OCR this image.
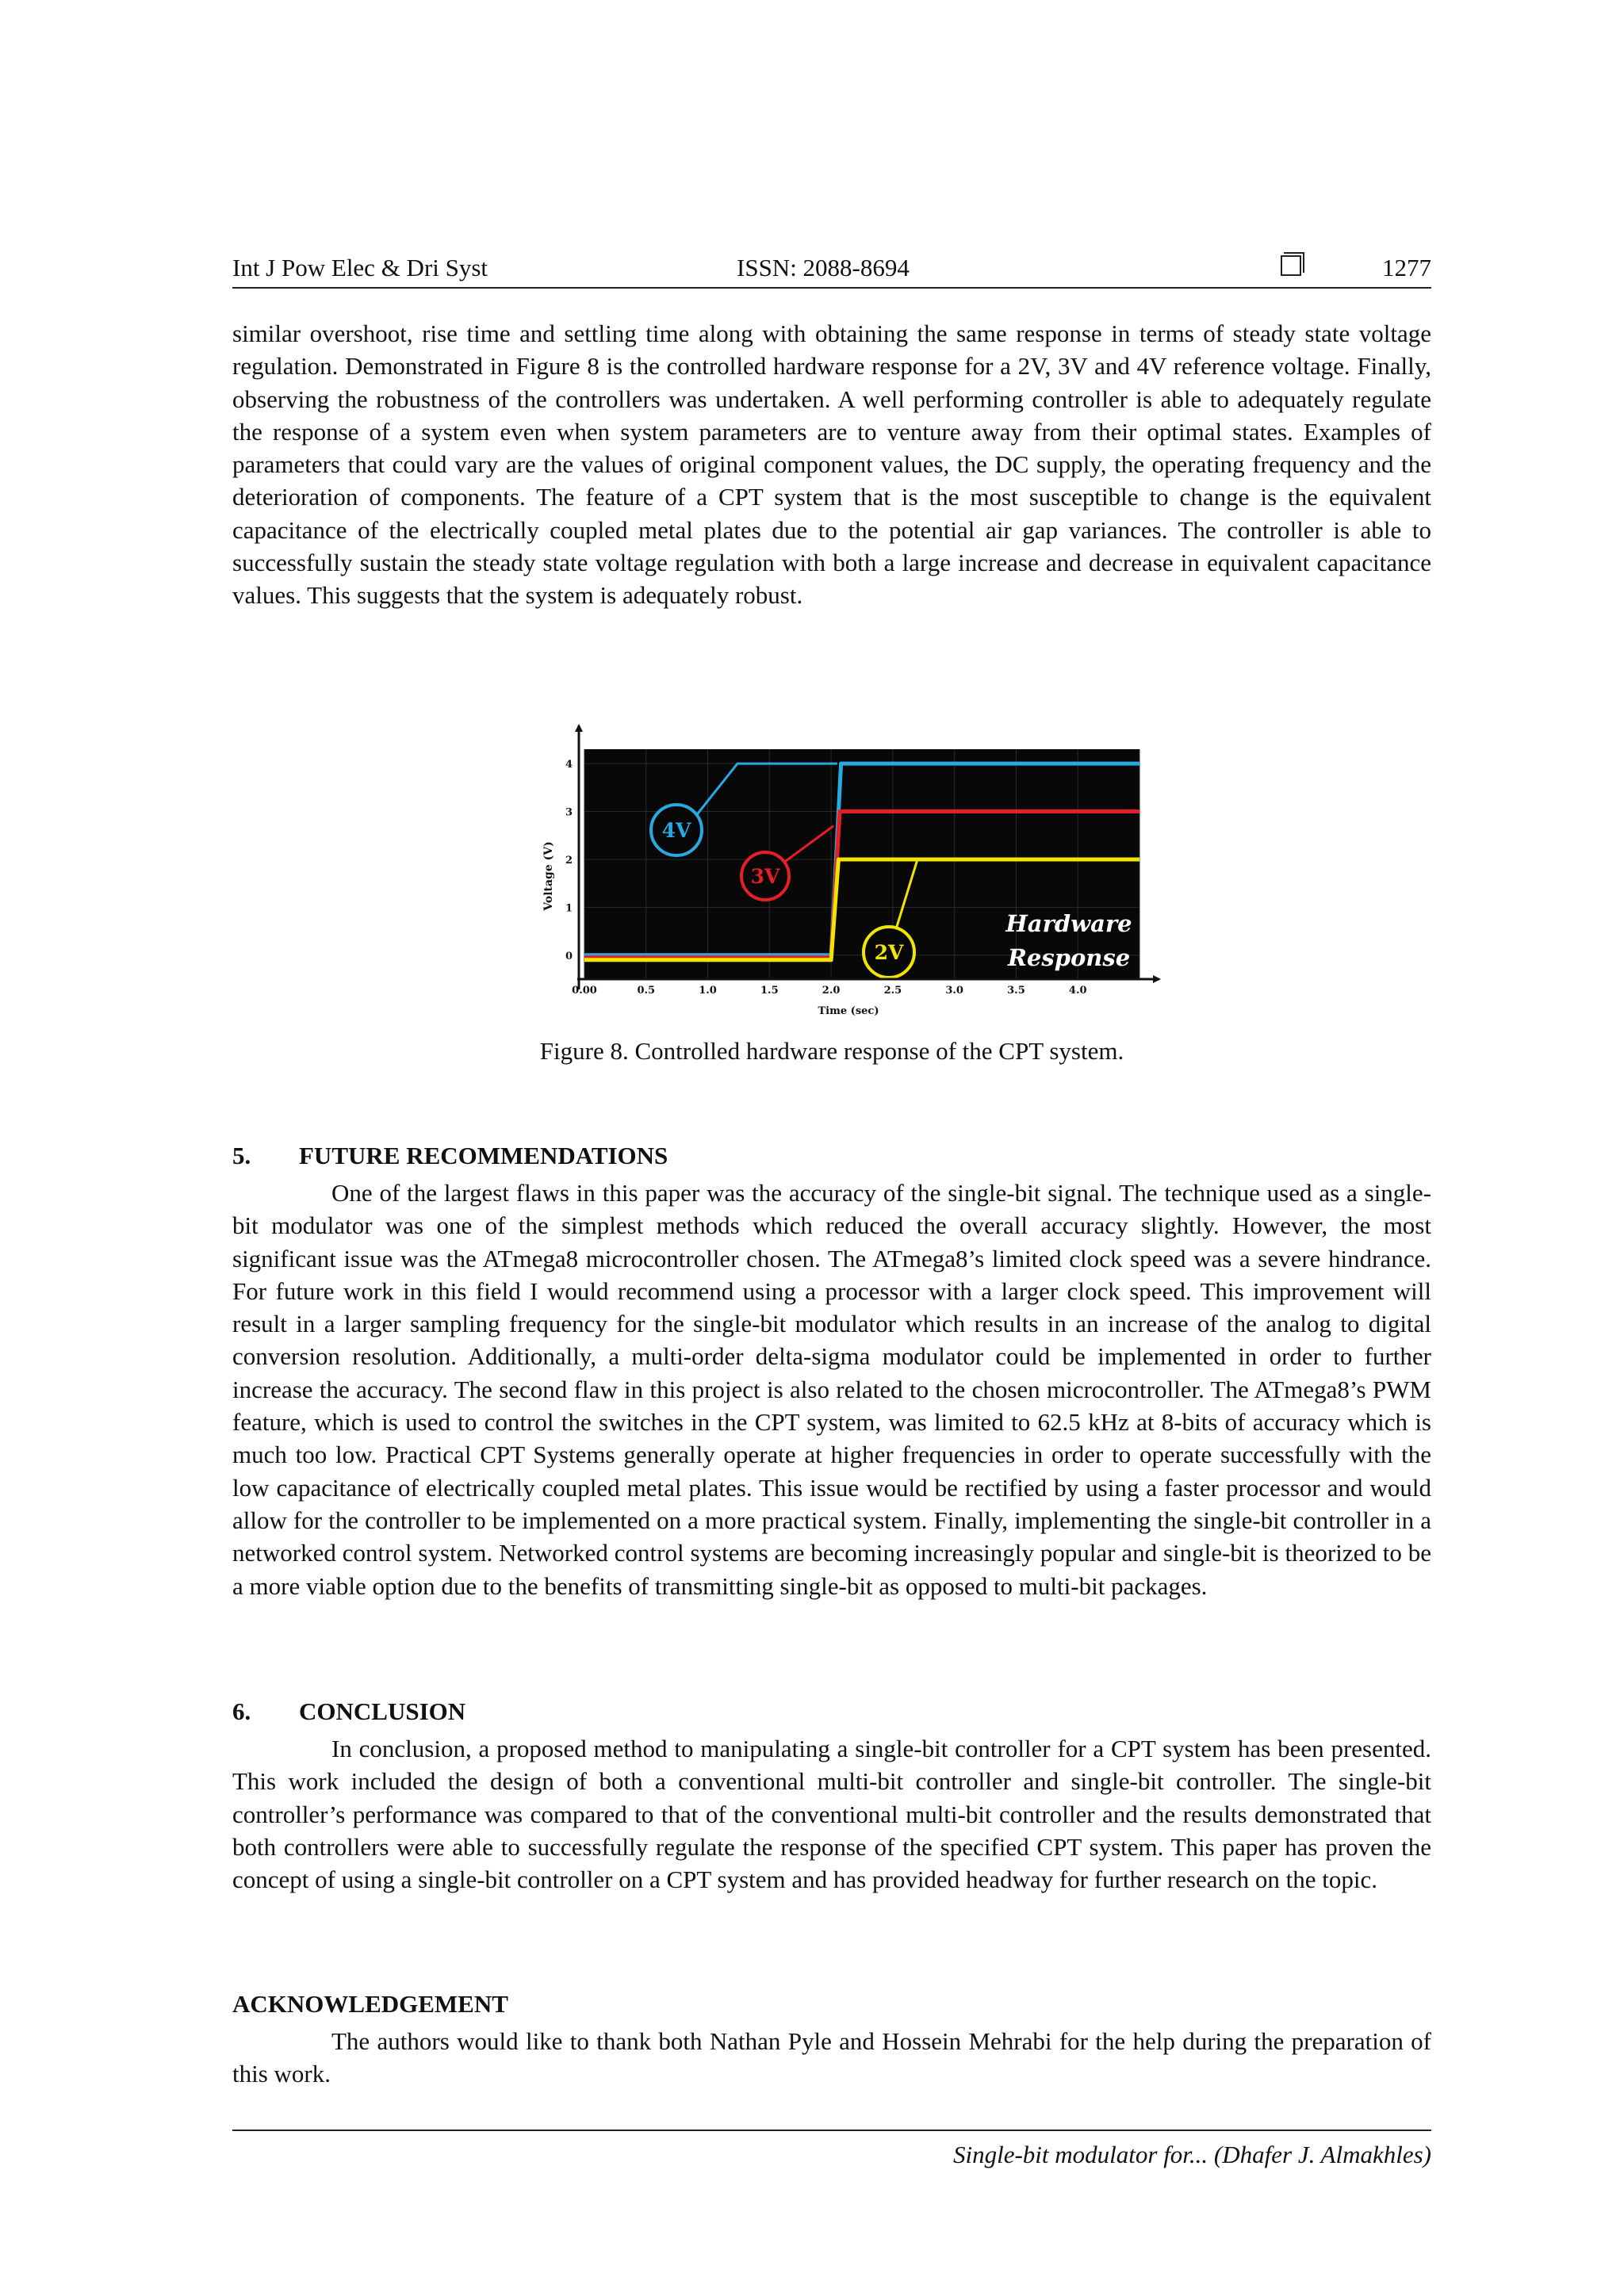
Int J Pow Elec & Dri Syst	ISSN: 2088-8694	1277

similar overshoot, rise time and settling time along with obtaining the same response in terms of steady state voltage regulation. Demonstrated in Figure 8 is the controlled hardware response for a 2V, 3V and 4V reference voltage. Finally, observing the robustness of the controllers was undertaken. A well performing controller is able to adequately regulate the response of a system even when system parameters are to venture away from their optimal states. Examples of parameters that could vary are the values of original component values, the DC supply, the operating frequency and the deterioration of components. The feature of a CPT system that is the most susceptible to change is the equivalent capacitance of the electrically coupled metal plates due to the potential air gap variances. The controller is able to successfully sustain the steady state voltage regulation with both a large increase and decrease in equivalent capacitance values. This suggests that the system is adequately robust.

4V
3V
2V
Hardware
Response
0.00	0.5	1.0	1.5	2.0	2.5	3.0	3.5	4.0
0
1
2
3
4
Time (sec)
Voltage (V)
Figure 8. Controlled hardware response of the CPT system.
5. FUTURE RECOMMENDATIONS

One of the largest flaws in this paper was the accuracy of the single-bit signal. The technique used as a single-bit modulator was one of the simplest methods which reduced the overall accuracy slightly. However, the most significant issue was the ATmega8 microcontroller chosen. The ATmega8’s limited clock speed was a severe hindrance. For future work in this field I would recommend using a processor with a larger clock speed. This improvement will result in a larger sampling frequency for the single-bit modulator which results in an increase of the analog to digital conversion resolution. Additionally, a multi-order delta-sigma modulator could be implemented in order to further increase the accuracy. The second flaw in this project is also related to the chosen microcontroller. The ATmega8’s PWM feature, which is used to control the switches in the CPT system, was limited to 62.5 kHz at 8-bits of accuracy which is much too low. Practical CPT Systems generally operate at higher frequencies in order to operate successfully with the low capacitance of electrically coupled metal plates. This issue would be rectified by using a faster processor and would allow for the controller to be implemented on a more practical system. Finally, implementing the single-bit controller in a networked control system. Networked control systems are becoming increasingly popular and single-bit is theorized to be a more viable option due to the benefits of transmitting single-bit as opposed to multi-bit packages.

6. CONCLUSION

In conclusion, a proposed method to manipulating a single-bit controller for a CPT system has been presented. This work included the design of both a conventional multi-bit controller and single-bit controller. The single-bit controller’s performance was compared to that of the conventional multi-bit controller and the results demonstrated that both controllers were able to successfully regulate the response of the specified CPT system. This paper has proven the concept of using a single-bit controller on a CPT system and has provided headway for further research on the topic.

ACKNOWLEDGEMENT

The authors would like to thank both Nathan Pyle and Hossein Mehrabi for the help during the preparation of this work.

Single-bit modulator for... (Dhafer J. Almakhles)
